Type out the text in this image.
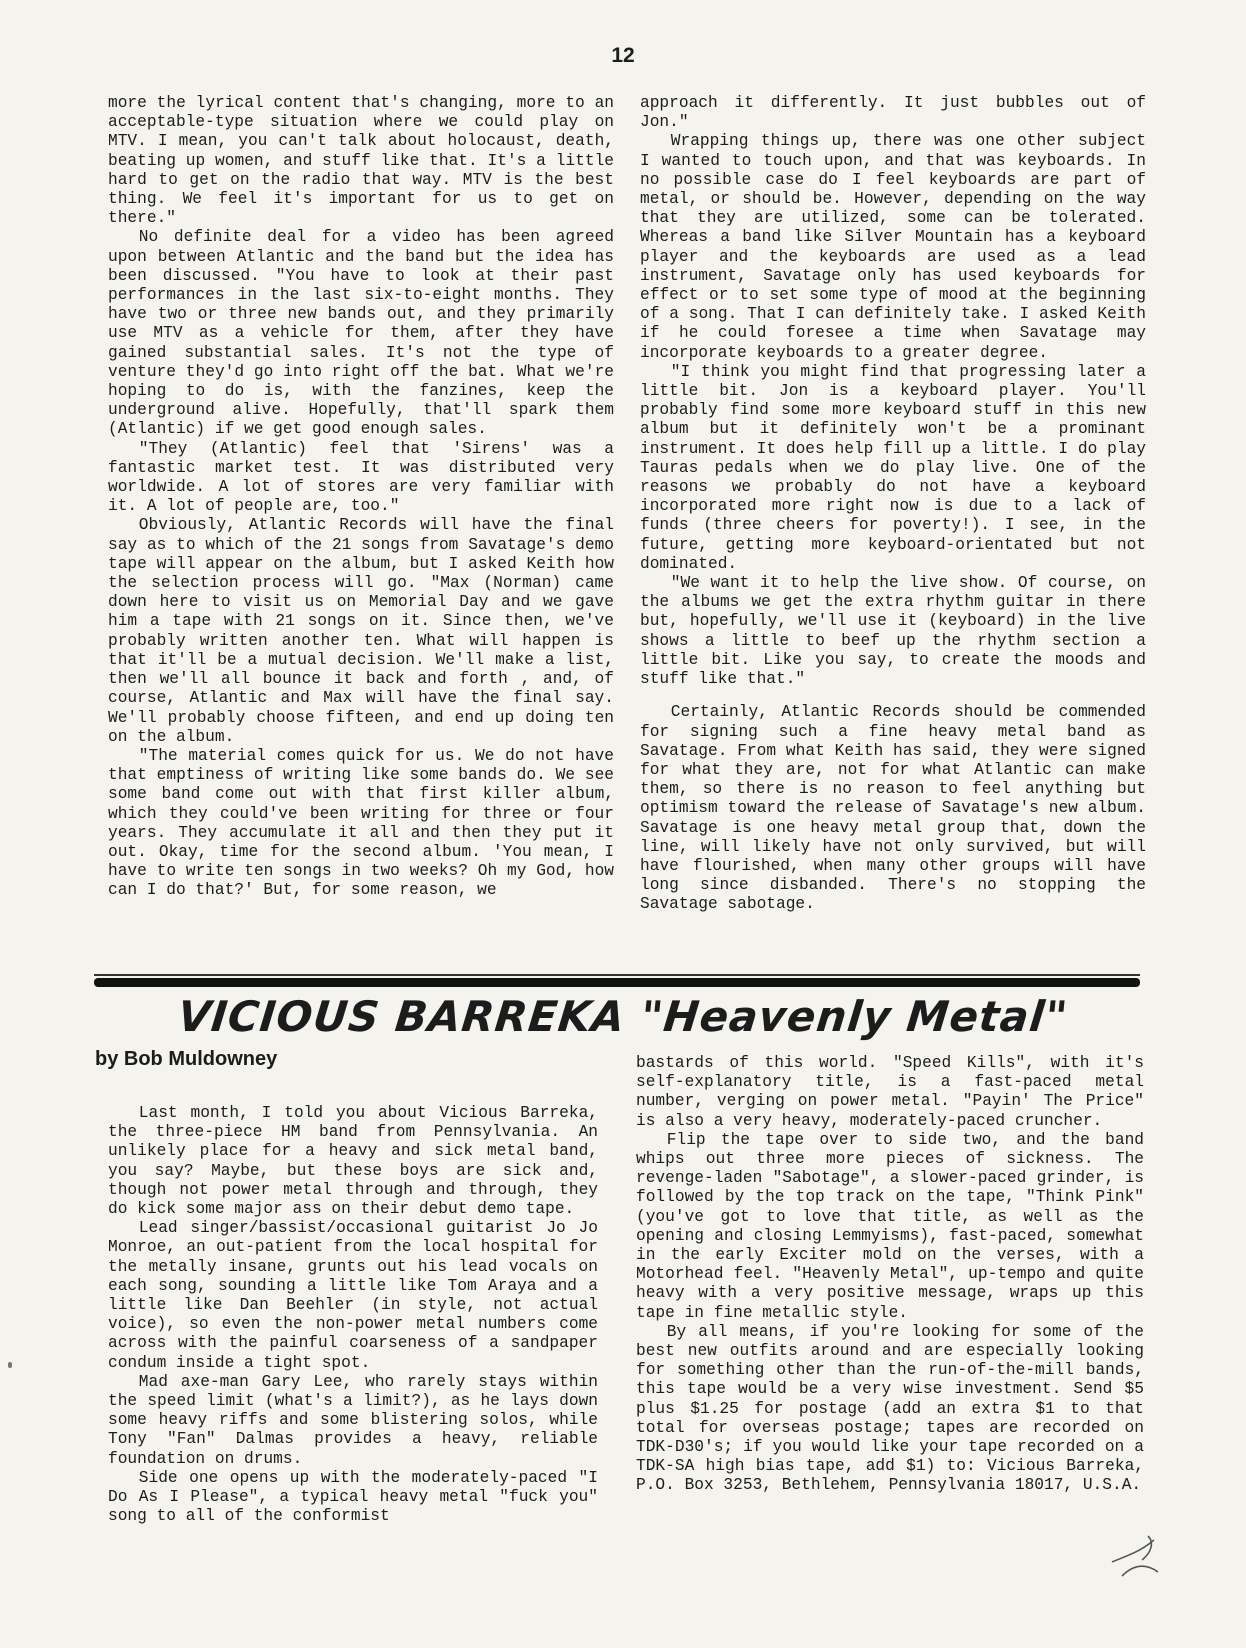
12

more the lyrical content that's changing, more to an acceptable-type situation where we could play on MTV. I mean, you can't talk about holocaust, death, beating up women, and stuff like that. It's a little hard to get on the radio that way. MTV is the best thing. We feel it's important for us to get on there."

No definite deal for a video has been agreed upon between Atlantic and the band but the idea has been discussed. "You have to look at their past performances in the last six-to-eight months. They have two or three new bands out, and they primarily use MTV as a vehicle for them, after they have gained substantial sales. It's not the type of venture they'd go into right off the bat. What we're hoping to do is, with the fanzines, keep the underground alive. Hopefully, that'll spark them (Atlantic) if we get good enough sales.

"They (Atlantic) feel that 'Sirens' was a fantastic market test. It was distributed very worldwide. A lot of stores are very familiar with it. A lot of people are, too."

Obviously, Atlantic Records will have the final say as to which of the 21 songs from Savatage's demo tape will appear on the album, but I asked Keith how the selection process will go. "Max (Norman) came down here to visit us on Memorial Day and we gave him a tape with 21 songs on it. Since then, we've probably written another ten. What will happen is that it'll be a mutual decision. We'll make a list, then we'll all bounce it back and forth , and, of course, Atlantic and Max will have the final say. We'll probably choose fifteen, and end up doing ten on the album.

"The material comes quick for us. We do not have that emptiness of writing like some bands do. We see some band come out with that first killer album, which they could've been writing for three or four years. They accumulate it all and then they put it out. Okay, time for the second album. 'You mean, I have to write ten songs in two weeks? Oh my God, how can I do that?' But, for some reason, we

approach it differently. It just bubbles out of Jon."

Wrapping things up, there was one other subject I wanted to touch upon, and that was keyboards. In no possible case do I feel keyboards are part of metal, or should be. However, depending on the way that they are utilized, some can be tolerated. Whereas a band like Silver Mountain has a keyboard player and the keyboards are used as a lead instrument, Savatage only has used keyboards for effect or to set some type of mood at the beginning of a song. That I can definitely take. I asked Keith if he could foresee a time when Savatage may incorporate keyboards to a greater degree.

"I think you might find that progressing later a little bit. Jon is a keyboard player. You'll probably find some more keyboard stuff in this new album but it definitely won't be a prominant instrument. It does help fill up a little. I do play Tauras pedals when we do play live. One of the reasons we probably do not have a keyboard incorporated more right now is due to a lack of funds (three cheers for poverty!). I see, in the future, getting more keyboard-orientated but not dominated.

"We want it to help the live show. Of course, on the albums we get the extra rhythm guitar in there but, hopefully, we'll use it (keyboard) in the live shows a little to beef up the rhythm section a little bit. Like you say, to create the moods and stuff like that."

Certainly, Atlantic Records should be commended for signing such a fine heavy metal band as Savatage. From what Keith has said, they were signed for what they are, not for what Atlantic can make them, so there is no reason to feel anything but optimism toward the release of Savatage's new album. Savatage is one heavy metal group that, down the line, will likely have not only survived, but will have flourished, when many other groups will have long since disbanded. There's no stopping the Savatage sabotage.

VICIOUS BARREKA "Heavenly Metal"
by Bob Muldowney

Last month, I told you about Vicious Barreka, the three-piece HM band from Pennsylvania. An unlikely place for a heavy and sick metal band, you say? Maybe, but these boys are sick and, though not power metal through and through, they do kick some major ass on their debut demo tape.

Lead singer/bassist/occasional guitarist Jo Jo Monroe, an out-patient from the local hospital for the metally insane, grunts out his lead vocals on each song, sounding a little like Tom Araya and a little like Dan Beehler (in style, not actual voice), so even the non-power metal numbers come across with the painful coarseness of a sandpaper condum inside a tight spot.

Mad axe-man Gary Lee, who rarely stays within the speed limit (what's a limit?), as he lays down some heavy riffs and some blistering solos, while Tony "Fan" Dalmas provides a heavy, reliable foundation on drums.

Side one opens up with the moderately-paced "I Do As I Please", a typical heavy metal "fuck you" song to all of the conformist

bastards of this world. "Speed Kills", with it's self-explanatory title, is a fast-paced metal number, verging on power metal. "Payin' The Price" is also a very heavy, moderately-paced cruncher.

Flip the tape over to side two, and the band whips out three more pieces of sickness. The revenge-laden "Sabotage", a slower-paced grinder, is followed by the top track on the tape, "Think Pink" (you've got to love that title, as well as the opening and closing Lemmyisms), fast-paced, somewhat in the early Exciter mold on the verses, with a Motorhead feel. "Heavenly Metal", up-tempo and quite heavy with a very positive message, wraps up this tape in fine metallic style.

By all means, if you're looking for some of the best new outfits around and are especially looking for something other than the run-of-the-mill bands, this tape would be a very wise investment. Send $5 plus $1.25 for postage (add an extra $1 to that total for overseas postage; tapes are recorded on TDK-D30's; if you would like your tape recorded on a TDK-SA high bias tape, add $1) to: Vicious Barreka, P.O. Box 3253, Bethlehem, Pennsylvania 18017, U.S.A.
